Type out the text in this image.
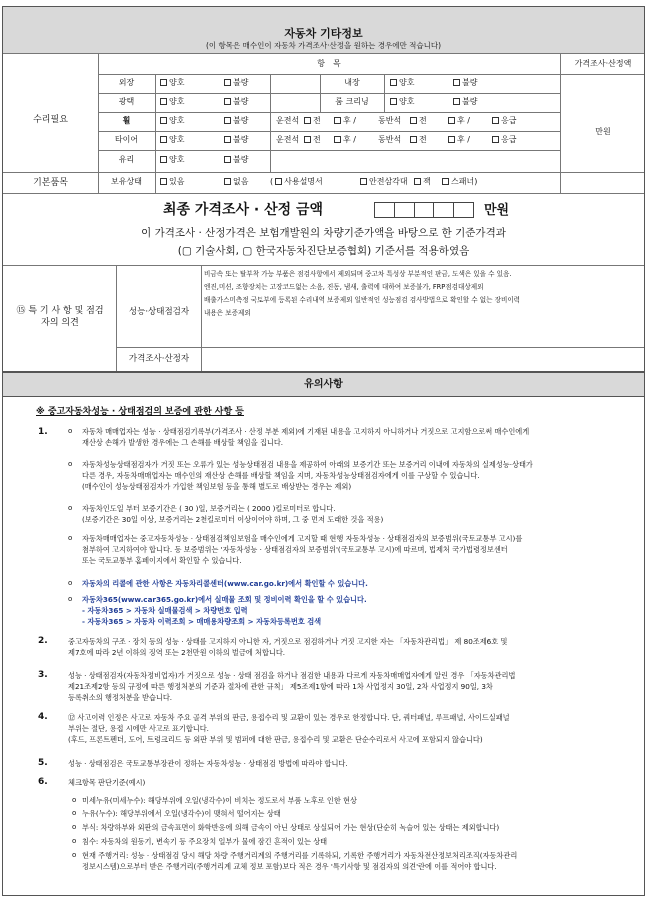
자동차 기타정보
(이 항목은 매수인이 자동차 가격조사·산정을 원하는 경우에만 적습니다)
항　목	가격조사·산정액
수리필요
기본품목
만원
외장	양호	불량	내장	양호	불량
광택	양호	불량	룸 크리닝	양호	불량
휠	양호	불량	운전석	전	후 /	동반석	전	후 /	응급
타이어	양호	불량	운전석	전	후 /	동반석	전	후 /	응급
유리	양호	불량
보유상태	있음	없음	( 사용설명서	안전삼각대	잭	스패너)
최종 가격조사 · 산정 금액	만원
이 가격조사 · 산정가격은 보험개발원의 차량기준가액을 바탕으로 한 기준가격과
(▢ 기술사회, ▢ 한국자동차진단보증협회) 기준서를 적용하였음
⑮ 특 기 사 항 및 점검자의 의견
성능·상태점검자
비금속 또는 탈부착 가능 부품은 점검사항에서 제외되며 중고차 특성상 부분적인 판금, 도색은 있을 수 있음.
엔진,미션, 조향장치는 고장코드없는 소음, 진동, 냄새, 출력에 대하여 보증불가, FRP점검대상제외
배출가스미측정 국토부에 등록된 수리내역 보증제외 일반적인 성능점검 검사방법으로 확인할 수 없는 장비이력
내용은 보증제외
가격조사·산정자
유의사항
※ 중고자동차성능 · 상태점검의 보증에 관한 사항 등
1.	o 자동차 매매업자는 성능 · 상태점검기록부(가격조사 · 산정 부분 제외)에 기재된 내용을 고지하지 아니하거나 거짓으로 고지함으로써 매수인에게
재산상 손해가 발생한 경우에는 그 손해를 배상할 책임을 집니다.
o 자동차성능상태점검자가 거짓 또는 오류가 있는 성능상태점검 내용을 제공하여 아래의 보증기간 또는 보증거리 이내에 자동차의 실제성능·상태가
다른 경우, 자동차매매업자는 매수인의 재산상 손해를 배상할 책임을 지며, 자동차성능상태점검자에게 이를 구상할 수 있습니다.
(매수인이 성능상태점검자가 가입한 책임보험 등을 통해 별도로 배상받는 경우는 제외)
o 자동차인도일 부터 보증기간은 ( 30 )일, 보증거리는 ( 2000 )킬로미터로 합니다.
(보증기간은 30일 이상, 보증거리는 2천킬로미터 이상이어야 하며, 그 중 먼저 도래한 것을 적용)
o 자동차매매업자는 중고자동차성능 · 상태점검책임보험을 매수인에게 고지할 때 현행 자동차성능 · 상태점검자의 보증범위(국토교통부 고시)를
첨부하여 고지하여야 합니다. 동 보증범위는 '자동차성능 · 상태점검자의 보증범위'(국토교통부 고시)에 따르며, 법제처 국가법령정보센터
또는 국토교통부 홈페이지에서 확인할 수 있습니다.
o 자동차의 리콜에 관한 사항은 자동차리콜센터(www.car.go.kr)에서 확인할 수 있습니다.
o 자동차365(www.car365.go.kr)에서 실매물 조회 및 정비이력 확인을 할 수 있습니다.
- 자동차365 > 자동차 실매물검색 > 차량번호 입력
- 자동차365 > 자동차 이력조회 > 매매용차량조회 > 자동차등록번호 검색
2.	중고자동차의 구조 · 장치 등의 성능 · 상태를 고지하지 아니한 자, 거짓으로 점검하거나 거짓 고지한 자는 「자동차관리법」 제 80조제6호 및
제7호에 따라 2년 이하의 징역 또는 2천만원 이하의 벌금에 처합니다.
3.	성능 · 상태점검자(자동차정비업자)가 거짓으로 성능 · 상태 점검을 하거나 점검한 내용과 다르게 자동차매매업자에게 알린 경우 「자동차관리법
제21조제2항 등의 규정에 따른 행정처분의 기준과 절차에 관한 규칙」 제5조제1항에 따라 1차 사업정지 30일, 2차 사업정지 90일, 3차
등록취소의 행정처분을 받습니다.
4.	⑫ 사고이력 인정은 사고로 자동차 주요 골격 부위의 판금, 용접수리 및 교환이 있는 경우로 한정합니다. 단, 쿼터패널, 루프패널, 사이드실패널
부위는 절단, 용접 시에만 사고로 표기합니다.
(후드, 프론트펜더, 도어, 트렁크리드 등 외판 부위 및 범퍼에 대한 판금, 용접수리 및 교환은 단순수리로서 사고에 포함되지 않습니다)
5.	성능 · 상태점검은 국토교통부장관이 정하는 자동차성능 · 상태점검 방법에 따라야 합니다.
6.	체크항목 판단기준(예시)
o 미세누유(미세누수): 해당부위에 오일(냉각수)이 비치는 정도로서 부품 노후로 인한 현상
o 누유(누수): 해당부위에서 오일(냉각수)이 맺혀서 떨어지는 상태
o 부식: 차량하부와 외판의 금속표면이 화학반응에 의해 금속이 아닌 상태로 상실되어 가는 현상(단순히 녹슬어 있는 상태는 제외합니다)
o 침수: 자동차의 원동기, 변속기 등 주요장치 일부가 물에 잠긴 흔적이 있는 상태
o 현재 주행거리: 성능 · 상태점검 당시 해당 차량 주행거리계의 주행거리를 기록하되, 기록한 주행거리가 자동차전산정보처리조직(자동차관리
정보시스템)으로부터 받은 주행거리(주행거리계 교체 정보 포함)보다 적은 경우 '특기사항 및 점검자의 의견'란에 이를 적어야 합니다.
